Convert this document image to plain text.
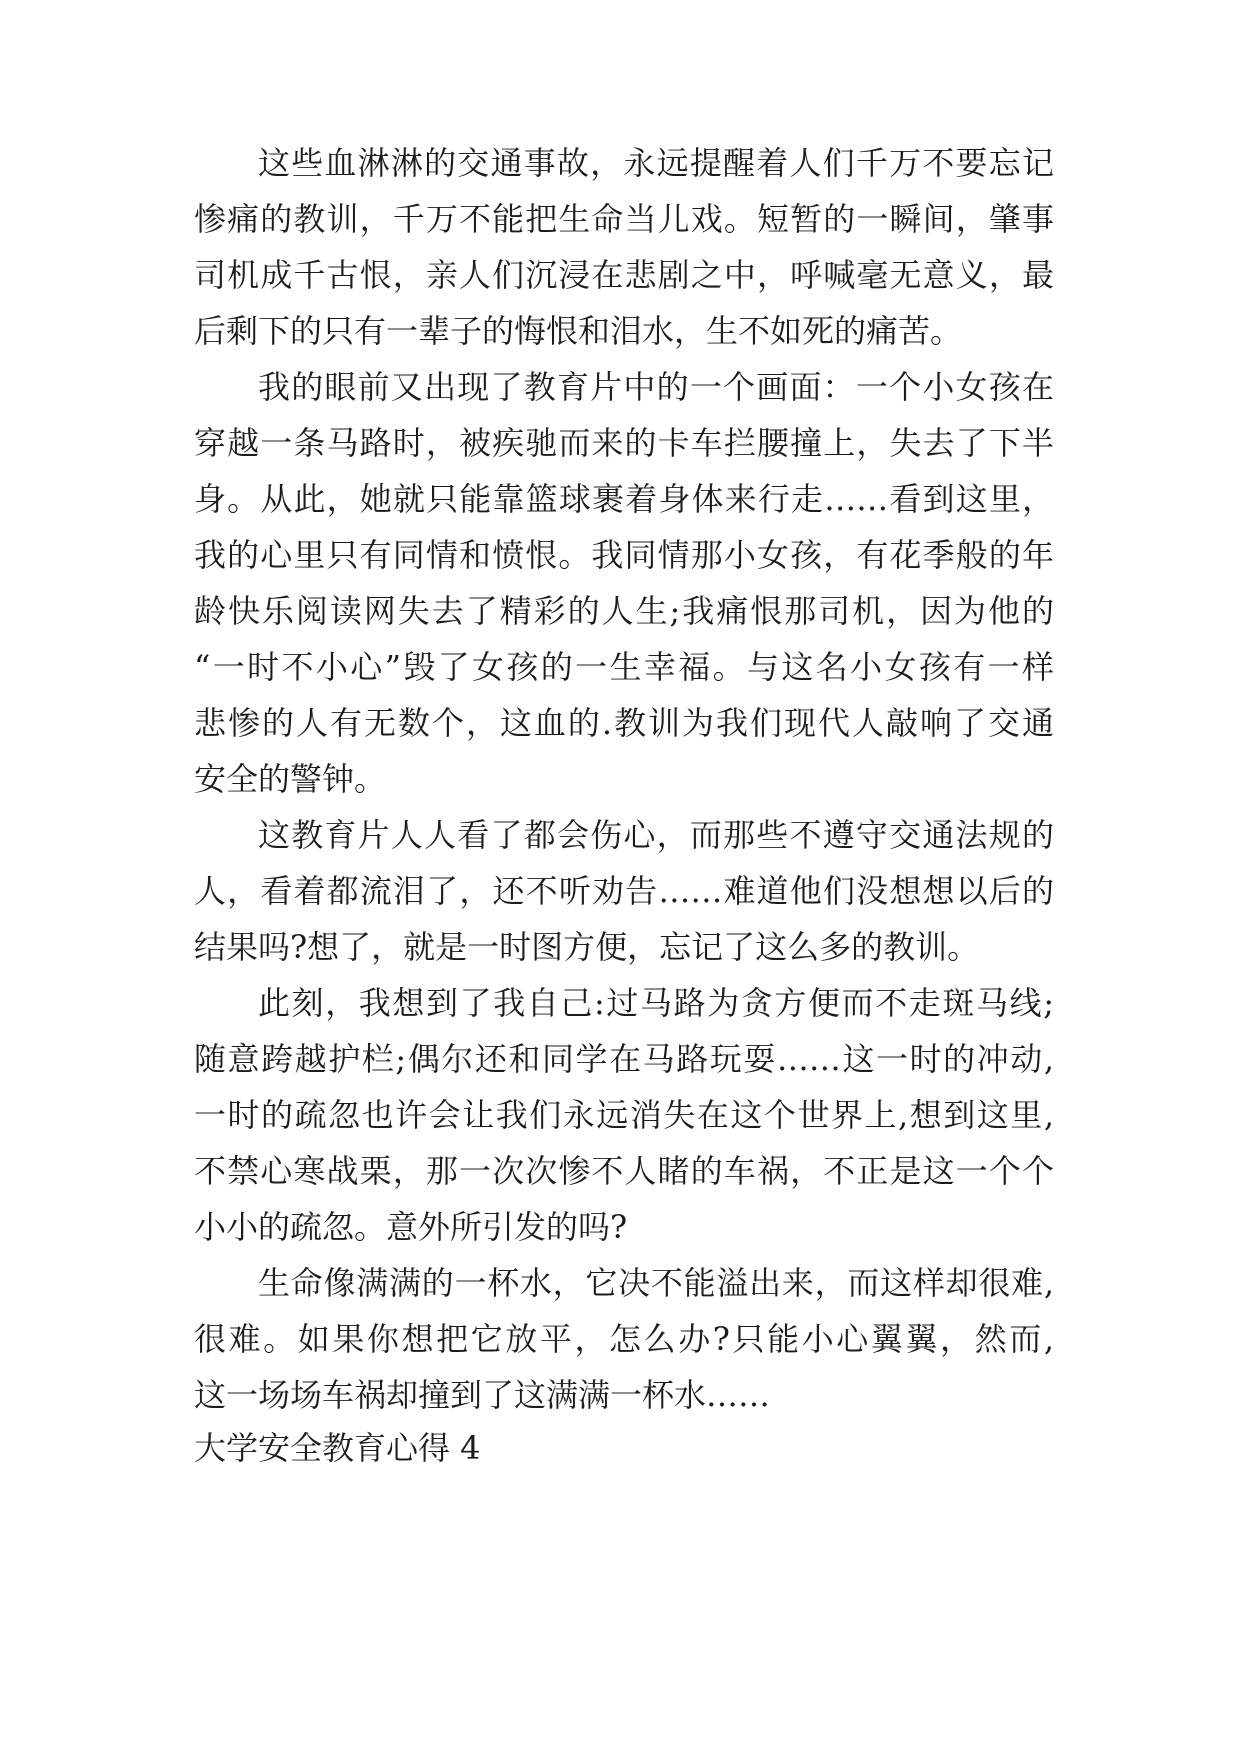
这些血淋淋的交通事故，永远提醒着人们千万不要忘记
惨痛的教训，千万不能把生命当儿戏。短暂的一瞬间，肇事
司机成千古恨，亲人们沉浸在悲剧之中，呼喊毫无意义，最
后剩下的只有一辈子的悔恨和泪水，生不如死的痛苦。
我的眼前又出现了教育片中的一个画面：一个小女孩在
穿越一条马路时，被疾驰而来的卡车拦腰撞上，失去了下半
身。从此，她就只能靠篮球裹着身体来行走……看到这里，
我的心里只有同情和愤恨。我同情那小女孩，有花季般的年
龄快乐阅读网失去了精彩的人生;我痛恨那司机，因为他的
“一时不小心”毁了女孩的一生幸福。与这名小女孩有一样
悲惨的人有无数个，这血的.教训为我们现代人敲响了交通
安全的警钟。
这教育片人人看了都会伤心，而那些不遵守交通法规的
人，看着都流泪了，还不听劝告……难道他们没想想以后的
结果吗?想了，就是一时图方便，忘记了这么多的教训。
此刻，我想到了我自己:过马路为贪方便而不走斑马线;
随意跨越护栏;偶尔还和同学在马路玩耍……这一时的冲动,
一时的疏忽也许会让我们永远消失在这个世界上,想到这里,
不禁心寒战栗，那一次次惨不人睹的车祸，不正是这一个个
小小的疏忽。意外所引发的吗?
生命像满满的一杯水，它决不能溢出来，而这样却很难,
很难。如果你想把它放平，怎么办?只能小心翼翼，然而,
这一场场车祸却撞到了这满满一杯水……
大学安全教育心得 4
